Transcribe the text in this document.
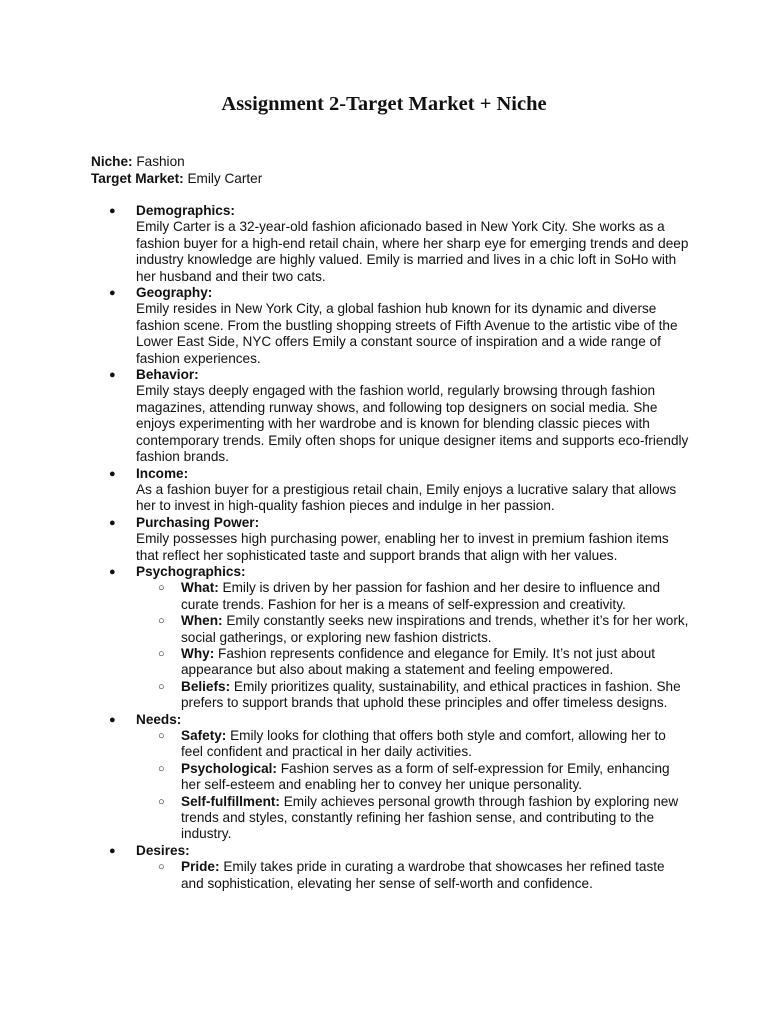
Assignment 2-Target Market + Niche
Niche: Fashion
Target Market: Emily Carter
● Demographics:

Emily Carter is a 32-year-old fashion aficionado based in New York City. She works as a fashion buyer for a high-end retail chain, where her sharp eye for emerging trends and deep industry knowledge are highly valued. Emily is married and lives in a chic loft in SoHo with her husband and their two cats.

● Geography:

Emily resides in New York City, a global fashion hub known for its dynamic and diverse fashion scene. From the bustling shopping streets of Fifth Avenue to the artistic vibe of the Lower East Side, NYC offers Emily a constant source of inspiration and a wide range of fashion experiences.

● Behavior:

Emily stays deeply engaged with the fashion world, regularly browsing through fashion magazines, attending runway shows, and following top designers on social media. She enjoys experimenting with her wardrobe and is known for blending classic pieces with contemporary trends. Emily often shops for unique designer items and supports eco-friendly fashion brands.

● Income:

As a fashion buyer for a prestigious retail chain, Emily enjoys a lucrative salary that allows her to invest in high-quality fashion pieces and indulge in her passion.

● Purchasing Power:

Emily possesses high purchasing power, enabling her to invest in premium fashion items that reflect her sophisticated taste and support brands that align with her values.

● Psychographics:
○ What: Emily is driven by her passion for fashion and her desire to influence and curate trends. Fashion for her is a means of self-expression and creativity.
○ When: Emily constantly seeks new inspirations and trends, whether it’s for her work, social gatherings, or exploring new fashion districts.
○ Why: Fashion represents confidence and elegance for Emily. It’s not just about appearance but also about making a statement and feeling empowered.
○ Beliefs: Emily prioritizes quality, sustainability, and ethical practices in fashion. She prefers to support brands that uphold these principles and offer timeless designs.
● Needs:
○ Safety: Emily looks for clothing that offers both style and comfort, allowing her to feel confident and practical in her daily activities.
○ Psychological: Fashion serves as a form of self-expression for Emily, enhancing her self-esteem and enabling her to convey her unique personality.
○ Self-fulfillment: Emily achieves personal growth through fashion by exploring new trends and styles, constantly refining her fashion sense, and contributing to the industry.
● Desires:
○ Pride: Emily takes pride in curating a wardrobe that showcases her refined taste and sophistication, elevating her sense of self-worth and confidence.
